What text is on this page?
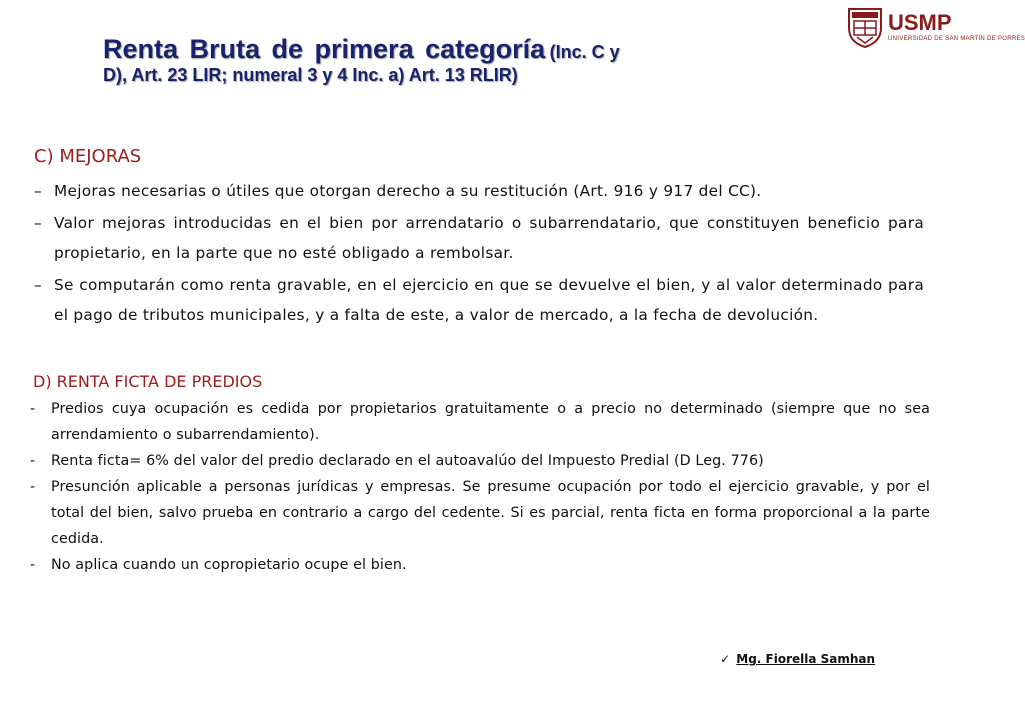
Renta Bruta de primera categoría (Inc. C y
D), Art. 23 LIR; numeral 3 y 4 Inc. a) Art. 13 RLIR)
USMP
UNIVERSIDAD DE SAN MARTÍN DE PORRES
C) MEJORAS
– Mejoras necesarias o útiles que otorgan derecho a su restitución (Art. 916 y 917 del CC).
– Valor mejoras introducidas en el bien por arrendatario o subarrendatario, que constituyen beneficio para propietario, en la parte que no esté obligado a rembolsar.
– Se computarán como renta gravable, en el ejercicio en que se devuelve el bien, y al valor determinado para el pago de tributos municipales, y a falta de este, a valor de mercado, a la fecha de devolución.
D) RENTA FICTA DE PREDIOS
- Predios cuya ocupación es cedida por propietarios gratuitamente o a precio no determinado (siempre que no sea arrendamiento o subarrendamiento).
- Renta ficta= 6% del valor del predio declarado en el autoavalúo del Impuesto Predial (D Leg. 776)
- Presunción aplicable a personas jurídicas y empresas. Se presume ocupación por todo el ejercicio gravable, y por el total del bien, salvo prueba en contrario a cargo del cedente. Si es parcial, renta ficta en forma proporcional a la parte cedida.
- No aplica cuando un copropietario ocupe el bien.
✓ Mg. Fiorella Samhan
